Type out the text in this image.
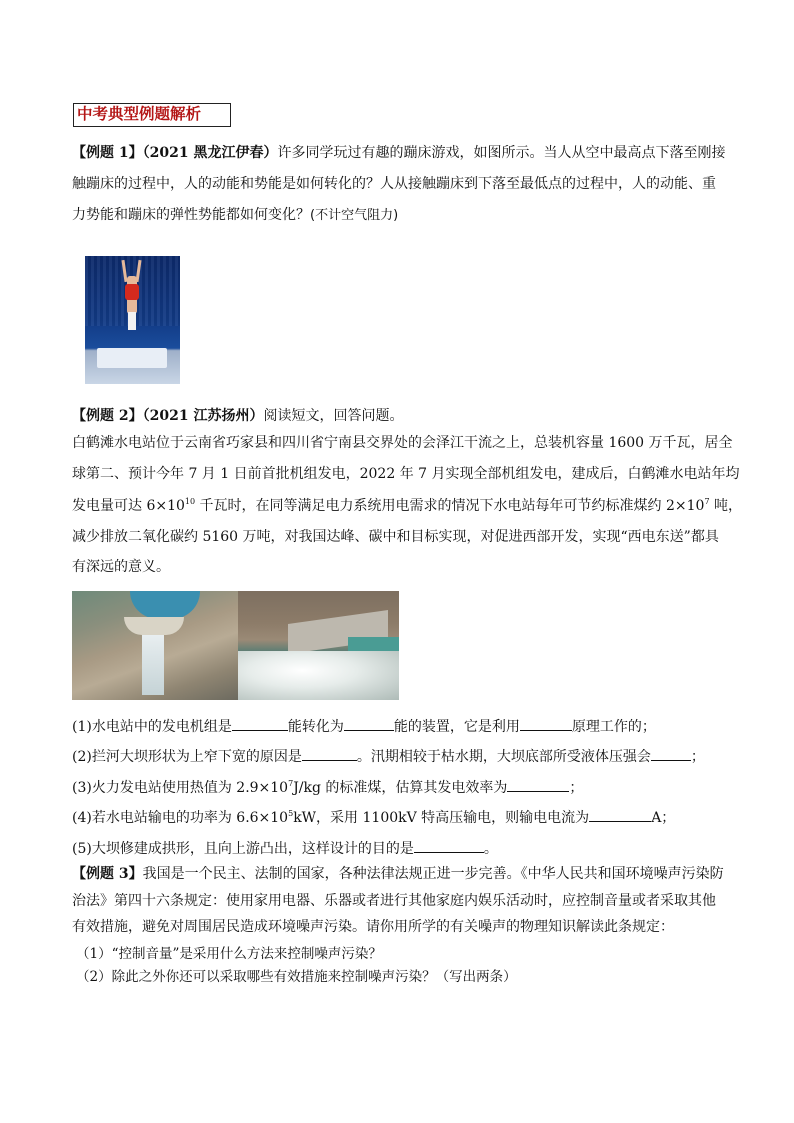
中考典型例题解析
【例题 1】（2021 黑龙江伊春）许多同学玩过有趣的蹦床游戏，如图所示。当人从空中最高点下落至刚接
触蹦床的过程中，人的动能和势能是如何转化的？人从接触蹦床到下落至最低点的过程中，人的动能、重
力势能和蹦床的弹性势能都如何变化？(不计空气阻力)
【例题 2】（2021 江苏扬州）阅读短文，回答问题。
白鹤滩水电站位于云南省巧家县和四川省宁南县交界处的会泽江干流之上，总装机容量 1600 万千瓦，居全
球第二、预计今年 7 月 1 日前首批机组发电，2022 年 7 月实现全部机组发电，建成后，白鹤滩水电站年均
发电量可达 $6\times 10^{10}$ 千瓦时，在同等满足电力系统用电需求的情况下水电站每年可节约标准煤约 $2\times 10^7$ 吨，
减少排放二氧化碳约 5160 万吨，对我国达峰、碳中和目标实现，对促进西部开发，实现“西电东送”都具
有深远的意义。
(1)水电站中的发电机组是	能转化为	能的装置，它是利用	原理工作的；
(2)拦河大坝形状为上窄下宽的原因是	。汛期相较于枯水期，大坝底部所受液体压强会	；
(3)火力发电站使用热值为 $2.9\times 10^7J/kg$ 的标准煤，估算其发电效率为	；
(4)若水电站输电的功率为 $6.6\times 10^5kW$，采用 1100kV 特高压输电，则输电电流为	A；
(5)大坝修建成拱形，且向上游凸出，这样设计的目的是	。
【例题 3】我国是一个民主、法制的国家，各种法律法规正进一步完善。《中华人民共和国环境噪声污染防
治法》第四十六条规定：使用家用电器、乐器或者进行其他家庭内娱乐活动时，应控制音量或者采取其他
有效措施，避免对周围居民造成环境噪声污染。请你用所学的有关噪声的物理知识解读此条规定：
（1）“控制音量”是采用什么方法来控制噪声污染？
（2）除此之外你还可以采取哪些有效措施来控制噪声污染？（写出两条）
